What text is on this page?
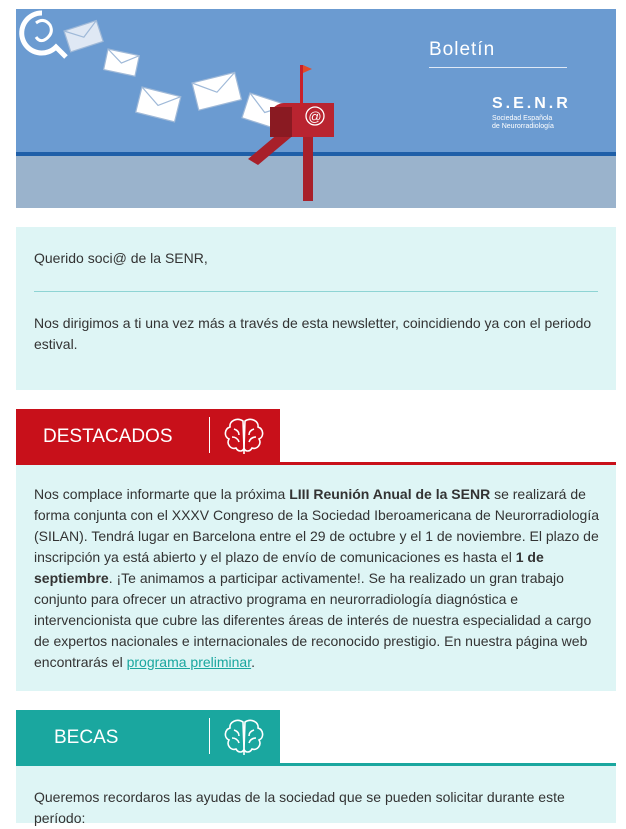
@
Boletín
S.E.N.R
Sociedad Española
de Neurorradiología
Querido soci@ de la SENR,
Nos dirigimos a ti una vez más a través de esta newsletter, coincidiendo ya con el periodo estival.
DESTACADOS

Nos complace informarte que la próxima LIII Reunión Anual de la SENR se realizará de forma conjunta con el XXXV Congreso de la Sociedad Iberoamericana de Neurorradiología (SILAN). Tendrá lugar en Barcelona entre el 29 de octubre y el 1 de noviembre. El plazo de inscripción ya está abierto y el plazo de envío de comunicaciones es hasta el 1 de septiembre. ¡Te animamos a participar activamente!. Se ha realizado un gran trabajo conjunto para ofrecer un atractivo programa en neurorradiología diagnóstica e intervencionista que cubre las diferentes áreas de interés de nuestra especialidad a cargo de expertos nacionales e internacionales de reconocido prestigio. En nuestra página web encontrarás el programa preliminar.

BECAS

Queremos recordaros las ayudas de la sociedad que se pueden solicitar durante este período:
